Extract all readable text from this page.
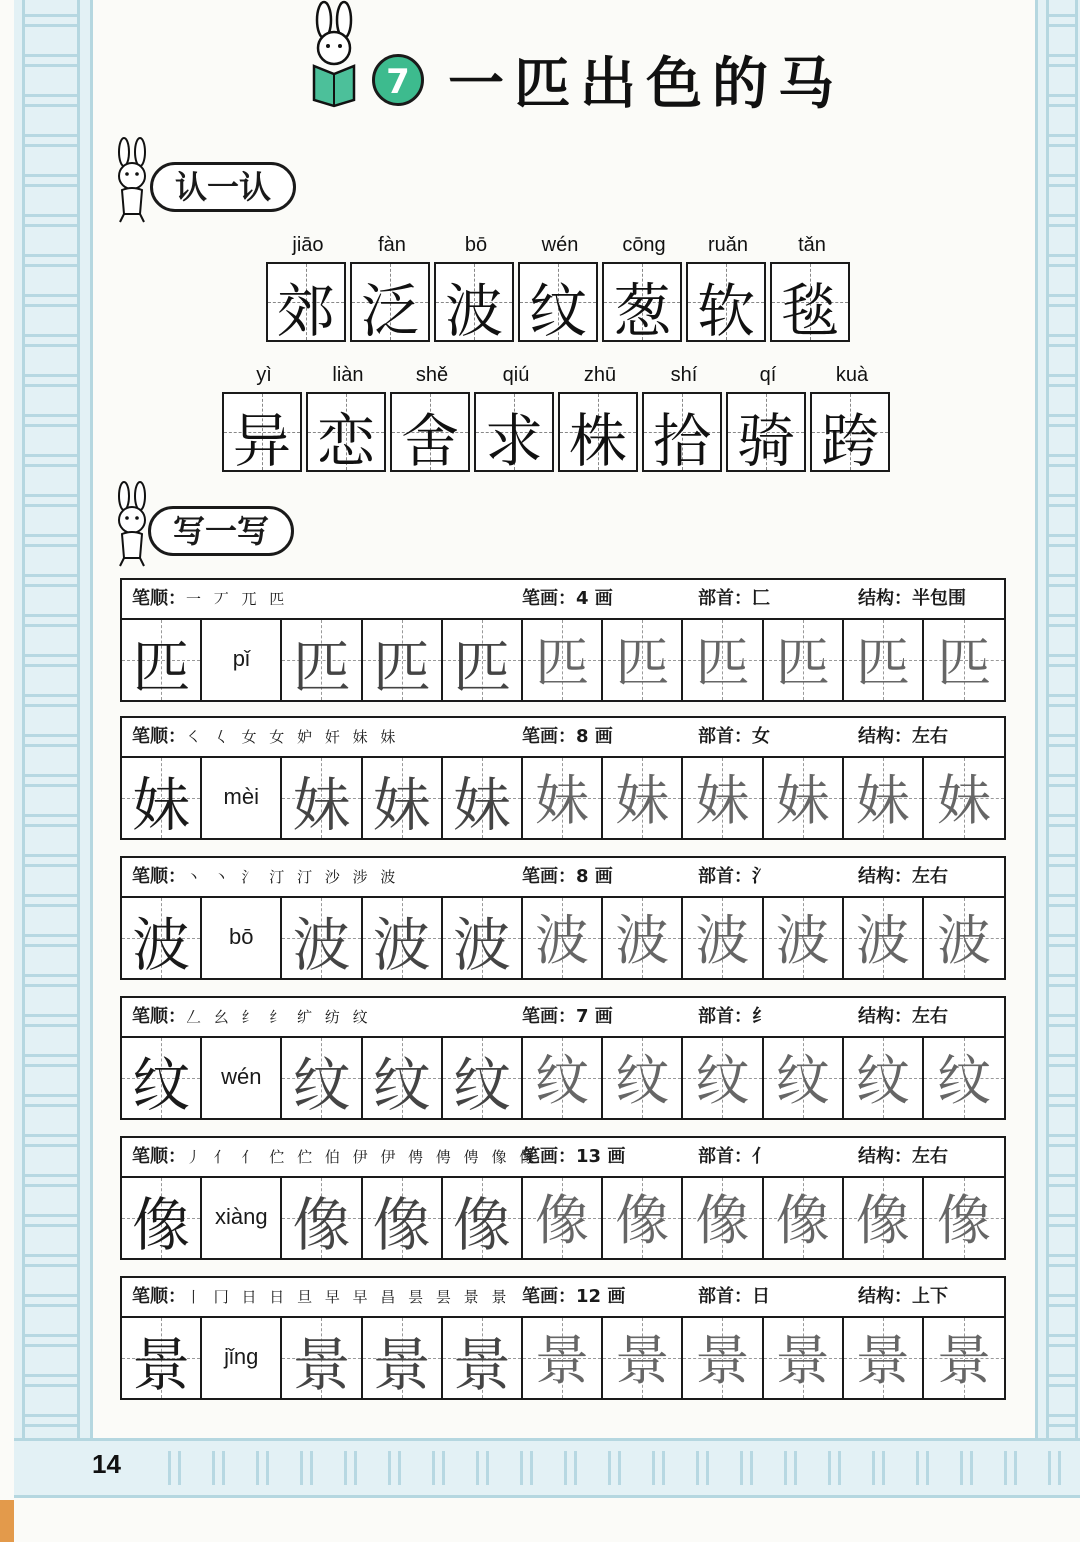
14
7 一匹出色的马
认一认
jiāo
郊
fàn
泛
bō
波
wén
纹
cōng
葱
ruǎn
软
tǎn
毯
yì
异
liàn
恋
shě
舍
qiú
求
zhū
株
shí
拾
qí
骑
kuà
跨
写一写
笔顺：一 丆 兀 匹	笔画：4 画	部首：匚	结构：半包围
匹	pǐ 匹 匹 匹 匹 匹 匹 匹 匹 匹
笔顺：㇛ 𡿨 女 女 妒 奸 妹 妹	笔画：8 画	部首：女	结构：左右
妹	mèi 妹 妹 妹 妹 妹 妹 妹 妹 妹
笔顺：丶 丶 氵 汀 汀 沙 涉 波	笔画：8 画	部首：氵	结构：左右
波	bō 波 波 波 波 波 波 波 波 波
笔顺：𠃋 幺 纟 纟 纩 纺 纹	笔画：7 画	部首：纟	结构：左右
纹	wén 纹 纹 纹 纹 纹 纹 纹 纹 纹
笔顺：丿 亻 亻 伫 伫 伯 伊 伊 俜 俜 俜 像 像
笔画：13 画	部首：亻	结构：左右
像	xiàng 像 像 像 像 像 像 像 像 像
笔顺：丨 冂 日 日 旦 早 早 昌 昙 昙 景 景 笔画：12 画	部首：日	结构：上下
景	jǐng 景 景 景 景 景 景 景 景 景
